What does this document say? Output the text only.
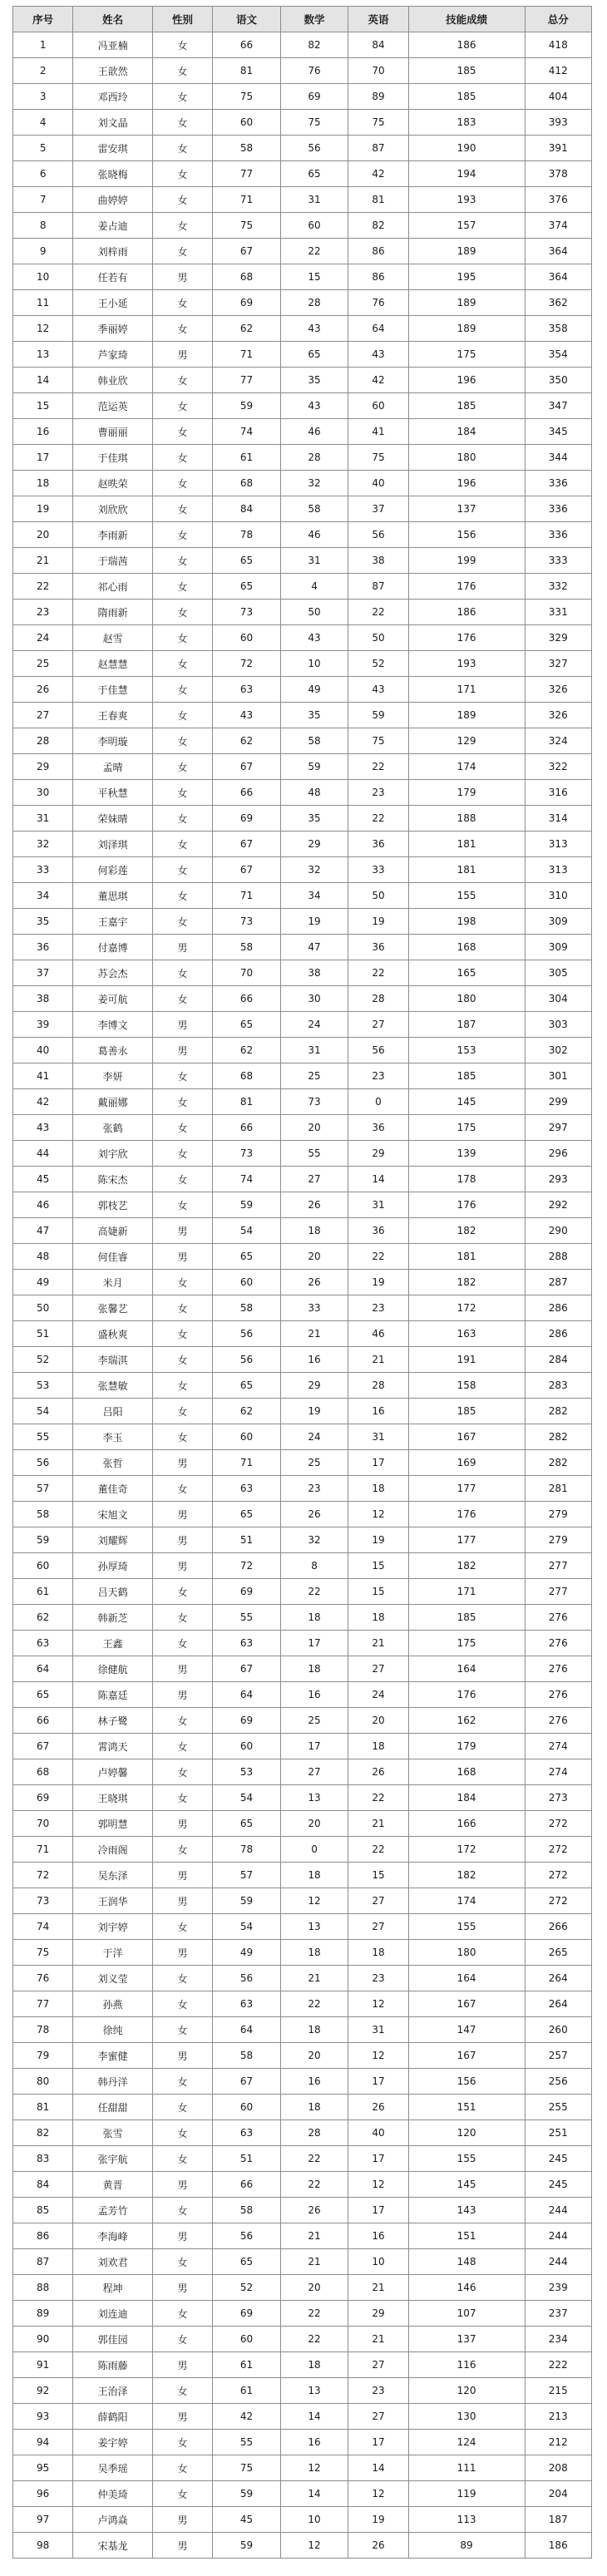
序号	姓名	性别	语文	数学	英语	技能成绩	总分
1	冯亚楠	女	66	82	84	186	418
2	王歆然	女	81	76	70	185	412
3	邓西玲	女	75	69	89	185	404
4	刘文晶	女	60	75	75	183	393
5	雷安琪	女	58	56	87	190	391
6	张晓梅	女	77	65	42	194	378
7	曲婷婷	女	71	31	81	193	376
8	姜占迪	女	75	60	82	157	374
9	刘梓雨	女	67	22	86	189	364
10	任若有	男	68	15	86	195	364
11	王小延	女	69	28	76	189	362
12	季丽婷	女	62	43	64	189	358
13	芦家琦	男	71	65	43	175	354
14	韩业欣	女	77	35	42	196	350
15	范运英	女	59	43	60	185	347
16	曹丽丽	女	74	46	41	184	345
17	于佳琪	女	61	28	75	180	344
18	赵昳荣	女	68	32	40	196	336
19	刘欣欣	女	84	58	37	137	336
20	李雨新	女	78	46	56	156	336
21	于瑞茜	女	65	31	38	199	333
22	祁心雨	女	65	4	87	176	332
23	隋雨新	女	73	50	22	186	331
24	赵雪	女	60	43	50	176	329
25	赵慧慧	女	72	10	52	193	327
26	于佳慧	女	63	49	43	171	326
27	王春爽	女	43	35	59	189	326
28	李明璇	女	62	58	75	129	324
29	孟晴	女	67	59	22	174	322
30	平秋慧	女	66	48	23	179	316
31	荣妹晴	女	69	35	22	188	314
32	刘泽琪	女	67	29	36	181	313
33	何彩莲	女	67	32	33	181	313
34	董思琪	女	71	34	50	155	310
35	王嘉宇	女	73	19	19	198	309
36	付嘉博	男	58	47	36	168	309
37	苏会杰	女	70	38	22	165	305
38	姜可航	女	66	30	28	180	304
39	李博文	男	65	24	27	187	303
40	葛善永	男	62	31	56	153	302
41	李妍	女	68	25	23	185	301
42	戴丽娜	女	81	73	0	145	299
43	张鹤	女	66	20	36	175	297
44	刘宇欣	女	73	55	29	139	296
45	陈宋杰	女	74	27	14	178	293
46	郭枝艺	女	59	26	31	176	292
47	高婕新	男	54	18	36	182	290
48	何佳睿	男	65	20	22	181	288
49	米月	女	60	26	19	182	287
50	张馨艺	女	58	33	23	172	286
51	盛秋爽	女	56	21	46	163	286
52	李瑞淇	女	56	16	21	191	284
53	张慧敏	女	65	29	28	158	283
54	吕阳	女	62	19	16	185	282
55	李玉	女	60	24	31	167	282
56	张哲	男	71	25	17	169	282
57	董佳奇	女	63	23	18	177	281
58	宋旭文	男	65	26	12	176	279
59	刘耀辉	男	51	32	19	177	279
60	孙厚琦	男	72	8	15	182	277
61	吕天鹤	女	69	22	15	171	277
62	韩新芝	女	55	18	18	185	276
63	王鑫	女	63	17	21	175	276
64	徐健航	男	67	18	27	164	276
65	陈嘉廷	男	64	16	24	176	276
66	林子鹭	女	69	25	20	162	276
67	霄鸿天	女	60	17	18	179	274
68	卢婷馨	女	53	27	26	168	274
69	王晓琪	女	54	13	22	184	273
70	郭明慧	男	65	20	21	166	272
71	冷雨阁	女	78	0	22	172	272
72	吴东泽	男	57	18	15	182	272
73	王润华	男	59	12	27	174	272
74	刘宇婷	女	54	13	27	155	266
75	于洋	男	49	18	18	180	265
76	刘义莹	女	56	21	23	164	264
77	孙燕	女	63	22	12	167	264
78	徐纯	女	64	18	31	147	260
79	李蜜健	男	58	20	12	167	257
80	韩丹洋	女	67	16	17	156	256
81	任甜甜	女	60	18	26	151	255
82	张雪	女	63	28	40	120	251
83	张宇航	女	51	22	17	155	245
84	黄晋	男	66	22	12	145	245
85	孟芳竹	女	58	26	17	143	244
86	李海峰	男	56	21	16	151	244
87	刘欢君	女	65	21	10	148	244
88	程坤	男	52	20	21	146	239
89	刘连迪	女	69	22	29	107	237
90	郭佳园	女	60	22	21	137	234
91	陈雨藤	男	61	18	27	116	222
92	王治泽	女	61	13	23	120	215
93	薛鹤阳	男	42	14	27	130	213
94	姜宇婷	女	55	16	17	124	212
95	吴季瑶	女	75	12	14	111	208
96	仲美琦	女	59	14	12	119	204
97	卢鸿焱	男	45	10	19	113	187
98	宋基龙	男	59	12	26	89	186
